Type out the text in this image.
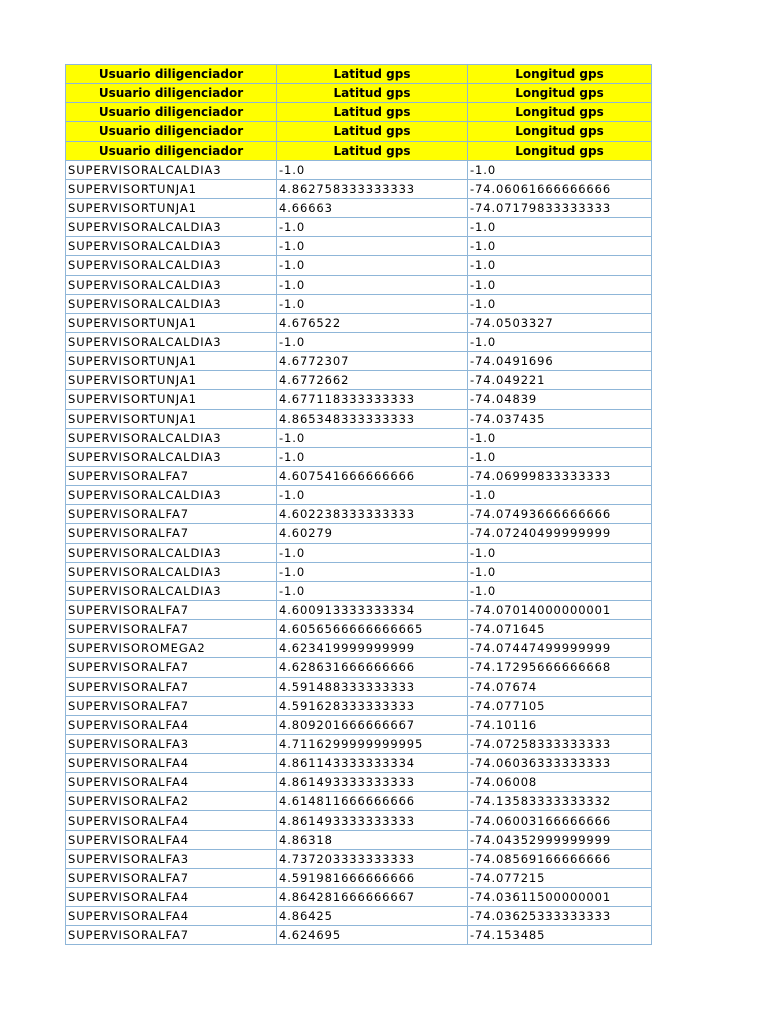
Usuario diligenciador	Latitud gps	Longitud gps
Usuario diligenciador	Latitud gps	Longitud gps
Usuario diligenciador	Latitud gps	Longitud gps
Usuario diligenciador	Latitud gps	Longitud gps
Usuario diligenciador	Latitud gps	Longitud gps
SUPERVISORALCALDIA3	-1.0	-1.0
SUPERVISORTUNJA1	4.862758333333333	-74.06061666666666
SUPERVISORTUNJA1	4.66663	-74.07179833333333
SUPERVISORALCALDIA3	-1.0	-1.0
SUPERVISORALCALDIA3	-1.0	-1.0
SUPERVISORALCALDIA3	-1.0	-1.0
SUPERVISORALCALDIA3	-1.0	-1.0
SUPERVISORALCALDIA3	-1.0	-1.0
SUPERVISORTUNJA1	4.676522	-74.0503327
SUPERVISORALCALDIA3	-1.0	-1.0
SUPERVISORTUNJA1	4.6772307	-74.0491696
SUPERVISORTUNJA1	4.6772662	-74.049221
SUPERVISORTUNJA1	4.677118333333333	-74.04839
SUPERVISORTUNJA1	4.865348333333333	-74.037435
SUPERVISORALCALDIA3	-1.0	-1.0
SUPERVISORALCALDIA3	-1.0	-1.0
SUPERVISORALFA7	4.607541666666666	-74.06999833333333
SUPERVISORALCALDIA3	-1.0	-1.0
SUPERVISORALFA7	4.602238333333333	-74.07493666666666
SUPERVISORALFA7	4.60279	-74.07240499999999
SUPERVISORALCALDIA3	-1.0	-1.0
SUPERVISORALCALDIA3	-1.0	-1.0
SUPERVISORALCALDIA3	-1.0	-1.0
SUPERVISORALFA7	4.600913333333334	-74.07014000000001
SUPERVISORALFA7	4.6056566666666665	-74.071645
SUPERVISOROMEGA2	4.623419999999999	-74.07447499999999
SUPERVISORALFA7	4.628631666666666	-74.17295666666668
SUPERVISORALFA7	4.591488333333333	-74.07674
SUPERVISORALFA7	4.591628333333333	-74.077105
SUPERVISORALFA4	4.809201666666667	-74.10116
SUPERVISORALFA3	4.7116299999999995	-74.07258333333333
SUPERVISORALFA4	4.861143333333334	-74.06036333333333
SUPERVISORALFA4	4.861493333333333	-74.06008
SUPERVISORALFA2	4.614811666666666	-74.13583333333332
SUPERVISORALFA4	4.861493333333333	-74.06003166666666
SUPERVISORALFA4	4.86318	-74.04352999999999
SUPERVISORALFA3	4.737203333333333	-74.08569166666666
SUPERVISORALFA7	4.591981666666666	-74.077215
SUPERVISORALFA4	4.864281666666667	-74.03611500000001
SUPERVISORALFA4	4.86425	-74.03625333333333
SUPERVISORALFA7	4.624695	-74.153485
